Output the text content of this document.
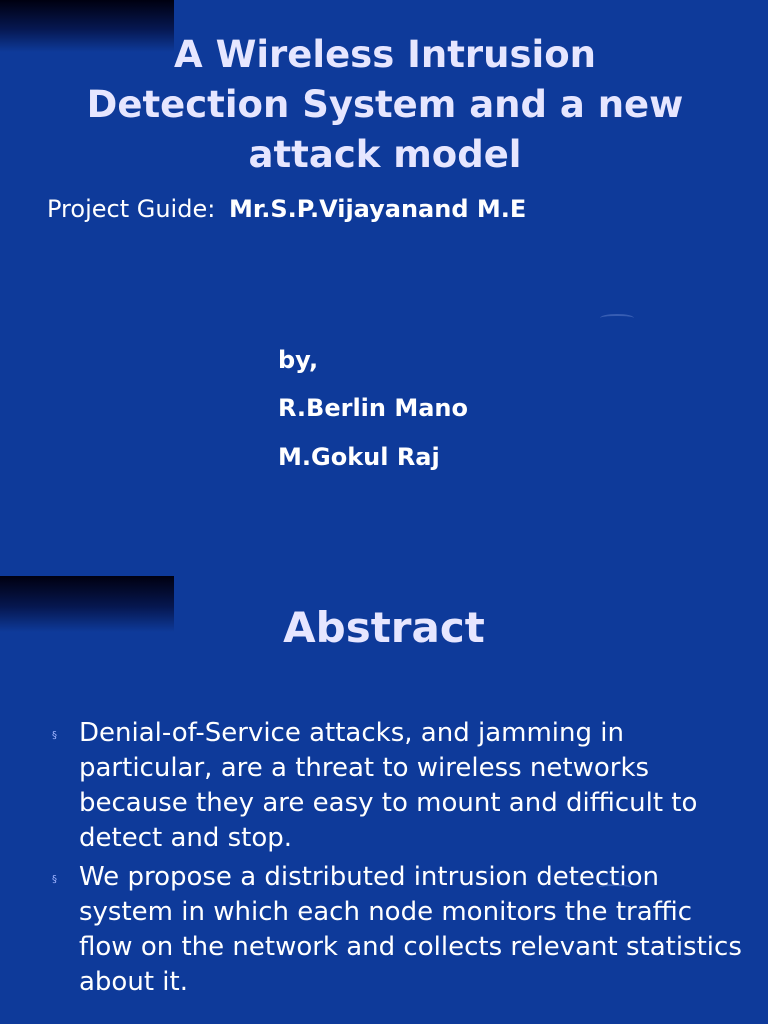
A Wireless Intrusion Detection System and a new attack model
Project Guide: Mr.S.P.Vijayanand M.E
by,
R.Berlin Mano
M.Gokul Raj
Abstract
§ Denial-of-Service attacks, and jamming in particular, are a threat to wireless networks because they are easy to mount and difficult to detect and stop.
§ We propose a distributed intrusion detection system in which each node monitors the traffic flow on the network and collects relevant statistics about it.
